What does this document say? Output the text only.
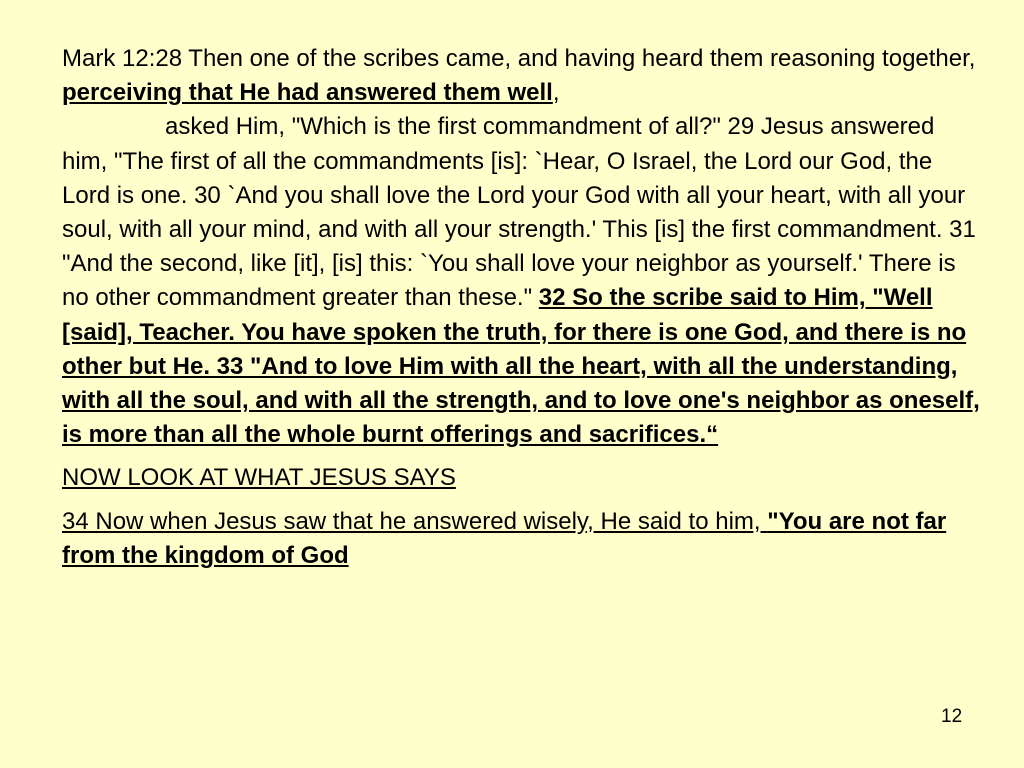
Mark 12:28 Then one of the scribes came, and having heard them reasoning together, perceiving that He had answered them well,
asked Him, "Which is the first commandment of all?" 29 Jesus answered him, "The first of all the commandments [is]: `Hear, O Israel, the Lord our God, the Lord is one. 30 `And you shall love the Lord your God with all your heart, with all your soul, with all your mind, and with all your strength.' This [is] the first commandment. 31 "And the second, like [it], [is] this: `You shall love your neighbor as yourself.' There is no other commandment greater than these." 32 So the scribe said to Him, "Well [said], Teacher. You have spoken the truth, for there is one God, and there is no other but He. 33 "And to love Him with all the heart, with all the understanding, with all the soul, and with all the strength, and to love one's neighbor as oneself, is more than all the whole burnt offerings and sacrifices.“

NOW LOOK AT WHAT JESUS SAYS

34 Now when Jesus saw that he answered wisely, He said to him, "You are not far from the kingdom of God

12
